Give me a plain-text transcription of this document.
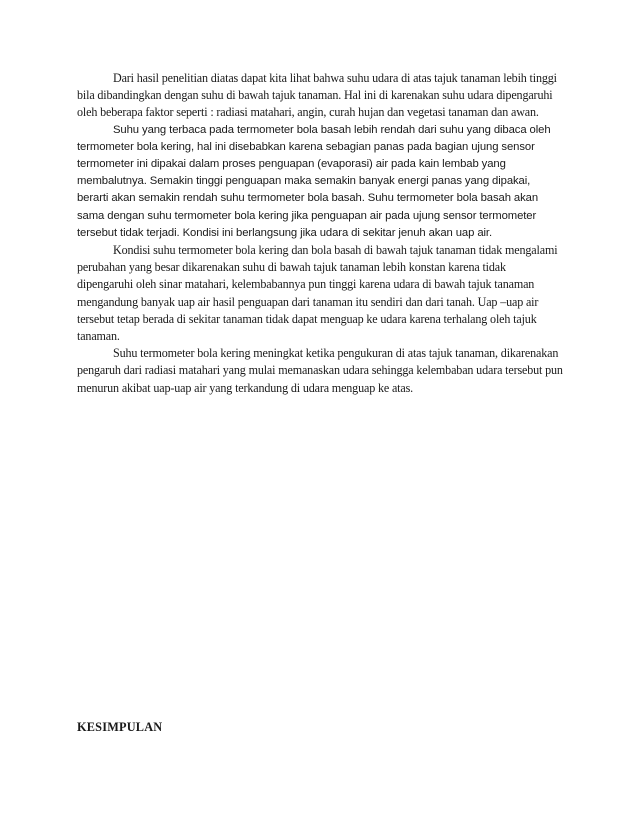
Dari hasil penelitian diatas dapat kita lihat bahwa suhu udara di atas tajuk tanaman lebih tinggi bila dibandingkan dengan suhu di bawah tajuk tanaman. Hal ini di karenakan suhu udara dipengaruhi oleh beberapa faktor seperti : radiasi matahari, angin, curah hujan dan vegetasi tanaman dan awan.

Suhu yang terbaca pada termometer bola basah lebih rendah dari suhu yang dibaca oleh termometer bola kering, hal ini disebabkan karena sebagian panas pada bagian ujung sensor termometer ini dipakai dalam proses penguapan (evaporasi) air pada kain lembab yang membalutnya. Semakin tinggi penguapan maka semakin banyak energi panas yang dipakai, berarti akan semakin rendah suhu termometer bola basah. Suhu termometer bola basah akan sama dengan suhu termometer bola kering jika penguapan air pada ujung sensor termometer tersebut tidak terjadi. Kondisi ini berlangsung jika udara di sekitar jenuh akan uap air.

Kondisi suhu termometer bola kering dan bola basah di bawah tajuk tanaman tidak mengalami perubahan yang besar dikarenakan suhu di bawah tajuk tanaman lebih konstan karena tidak dipengaruhi oleh sinar matahari, kelembabannya pun tinggi karena udara di bawah tajuk tanaman mengandung banyak uap air hasil penguapan dari tanaman itu sendiri dan dari tanah. Uap –uap air tersebut tetap berada di sekitar tanaman tidak dapat menguap ke udara karena terhalang oleh tajuk tanaman.

Suhu termometer bola kering meningkat ketika pengukuran di atas tajuk tanaman, dikarenakan pengaruh dari radiasi matahari yang mulai memanaskan udara sehingga kelembaban udara tersebut pun menurun akibat uap-uap air yang terkandung di udara menguap ke atas.

KESIMPULAN
